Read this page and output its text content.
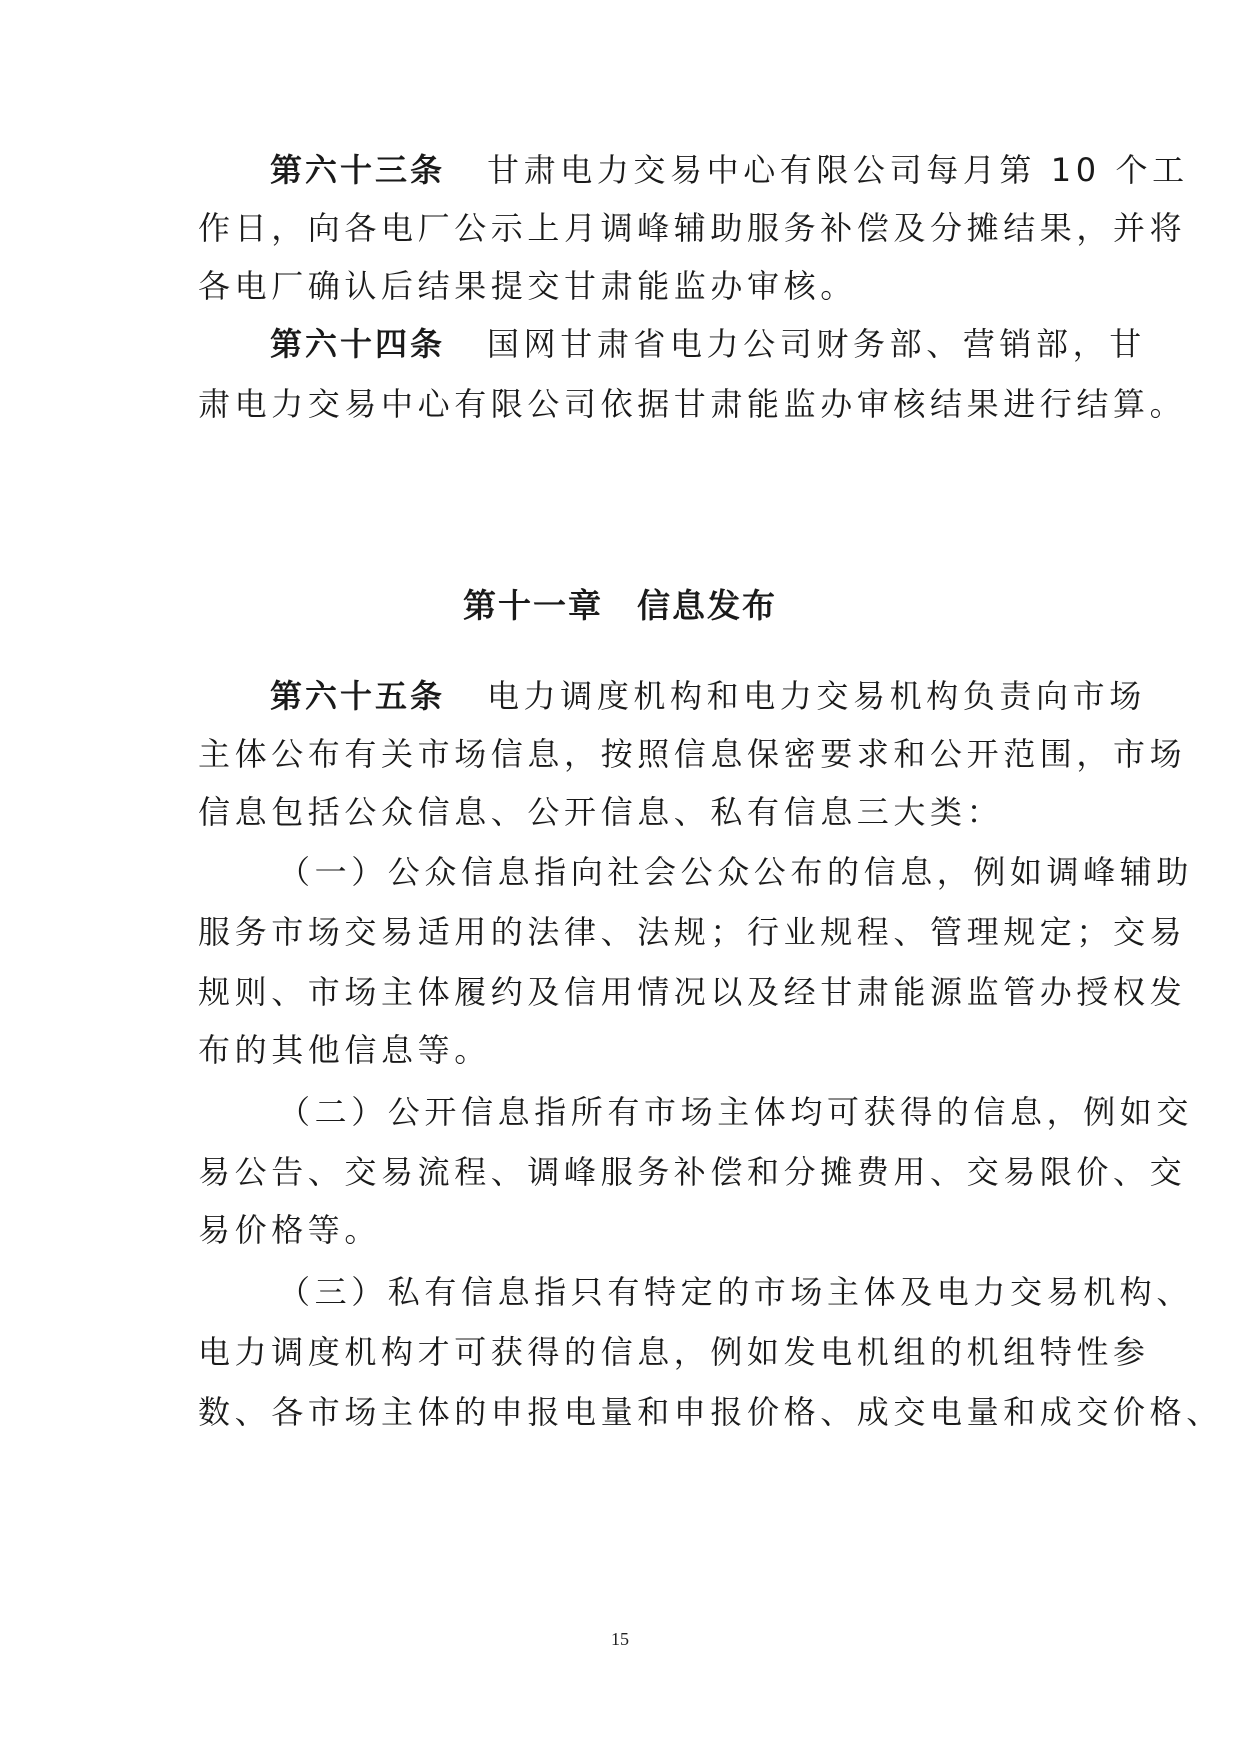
第六十三条 甘肃电力交易中心有限公司每月第 10 个工
作日，向各电厂公示上月调峰辅助服务补偿及分摊结果，并将
各电厂确认后结果提交甘肃能监办审核。
第六十四条 国网甘肃省电力公司财务部、营销部，甘
肃电力交易中心有限公司依据甘肃能监办审核结果进行结算。
第十一章 信息发布
第六十五条 电力调度机构和电力交易机构负责向市场
主体公布有关市场信息，按照信息保密要求和公开范围，市场
信息包括公众信息、公开信息、私有信息三大类：
（一）公众信息指向社会公众公布的信息，例如调峰辅助
服务市场交易适用的法律、法规；行业规程、管理规定；交易
规则、市场主体履约及信用情况以及经甘肃能源监管办授权发
布的其他信息等。
（二）公开信息指所有市场主体均可获得的信息，例如交
易公告、交易流程、调峰服务补偿和分摊费用、交易限价、交
易价格等。
（三）私有信息指只有特定的市场主体及电力交易机构、
电力调度机构才可获得的信息，例如发电机组的机组特性参
数、各市场主体的申报电量和申报价格、成交电量和成交价格、
15
